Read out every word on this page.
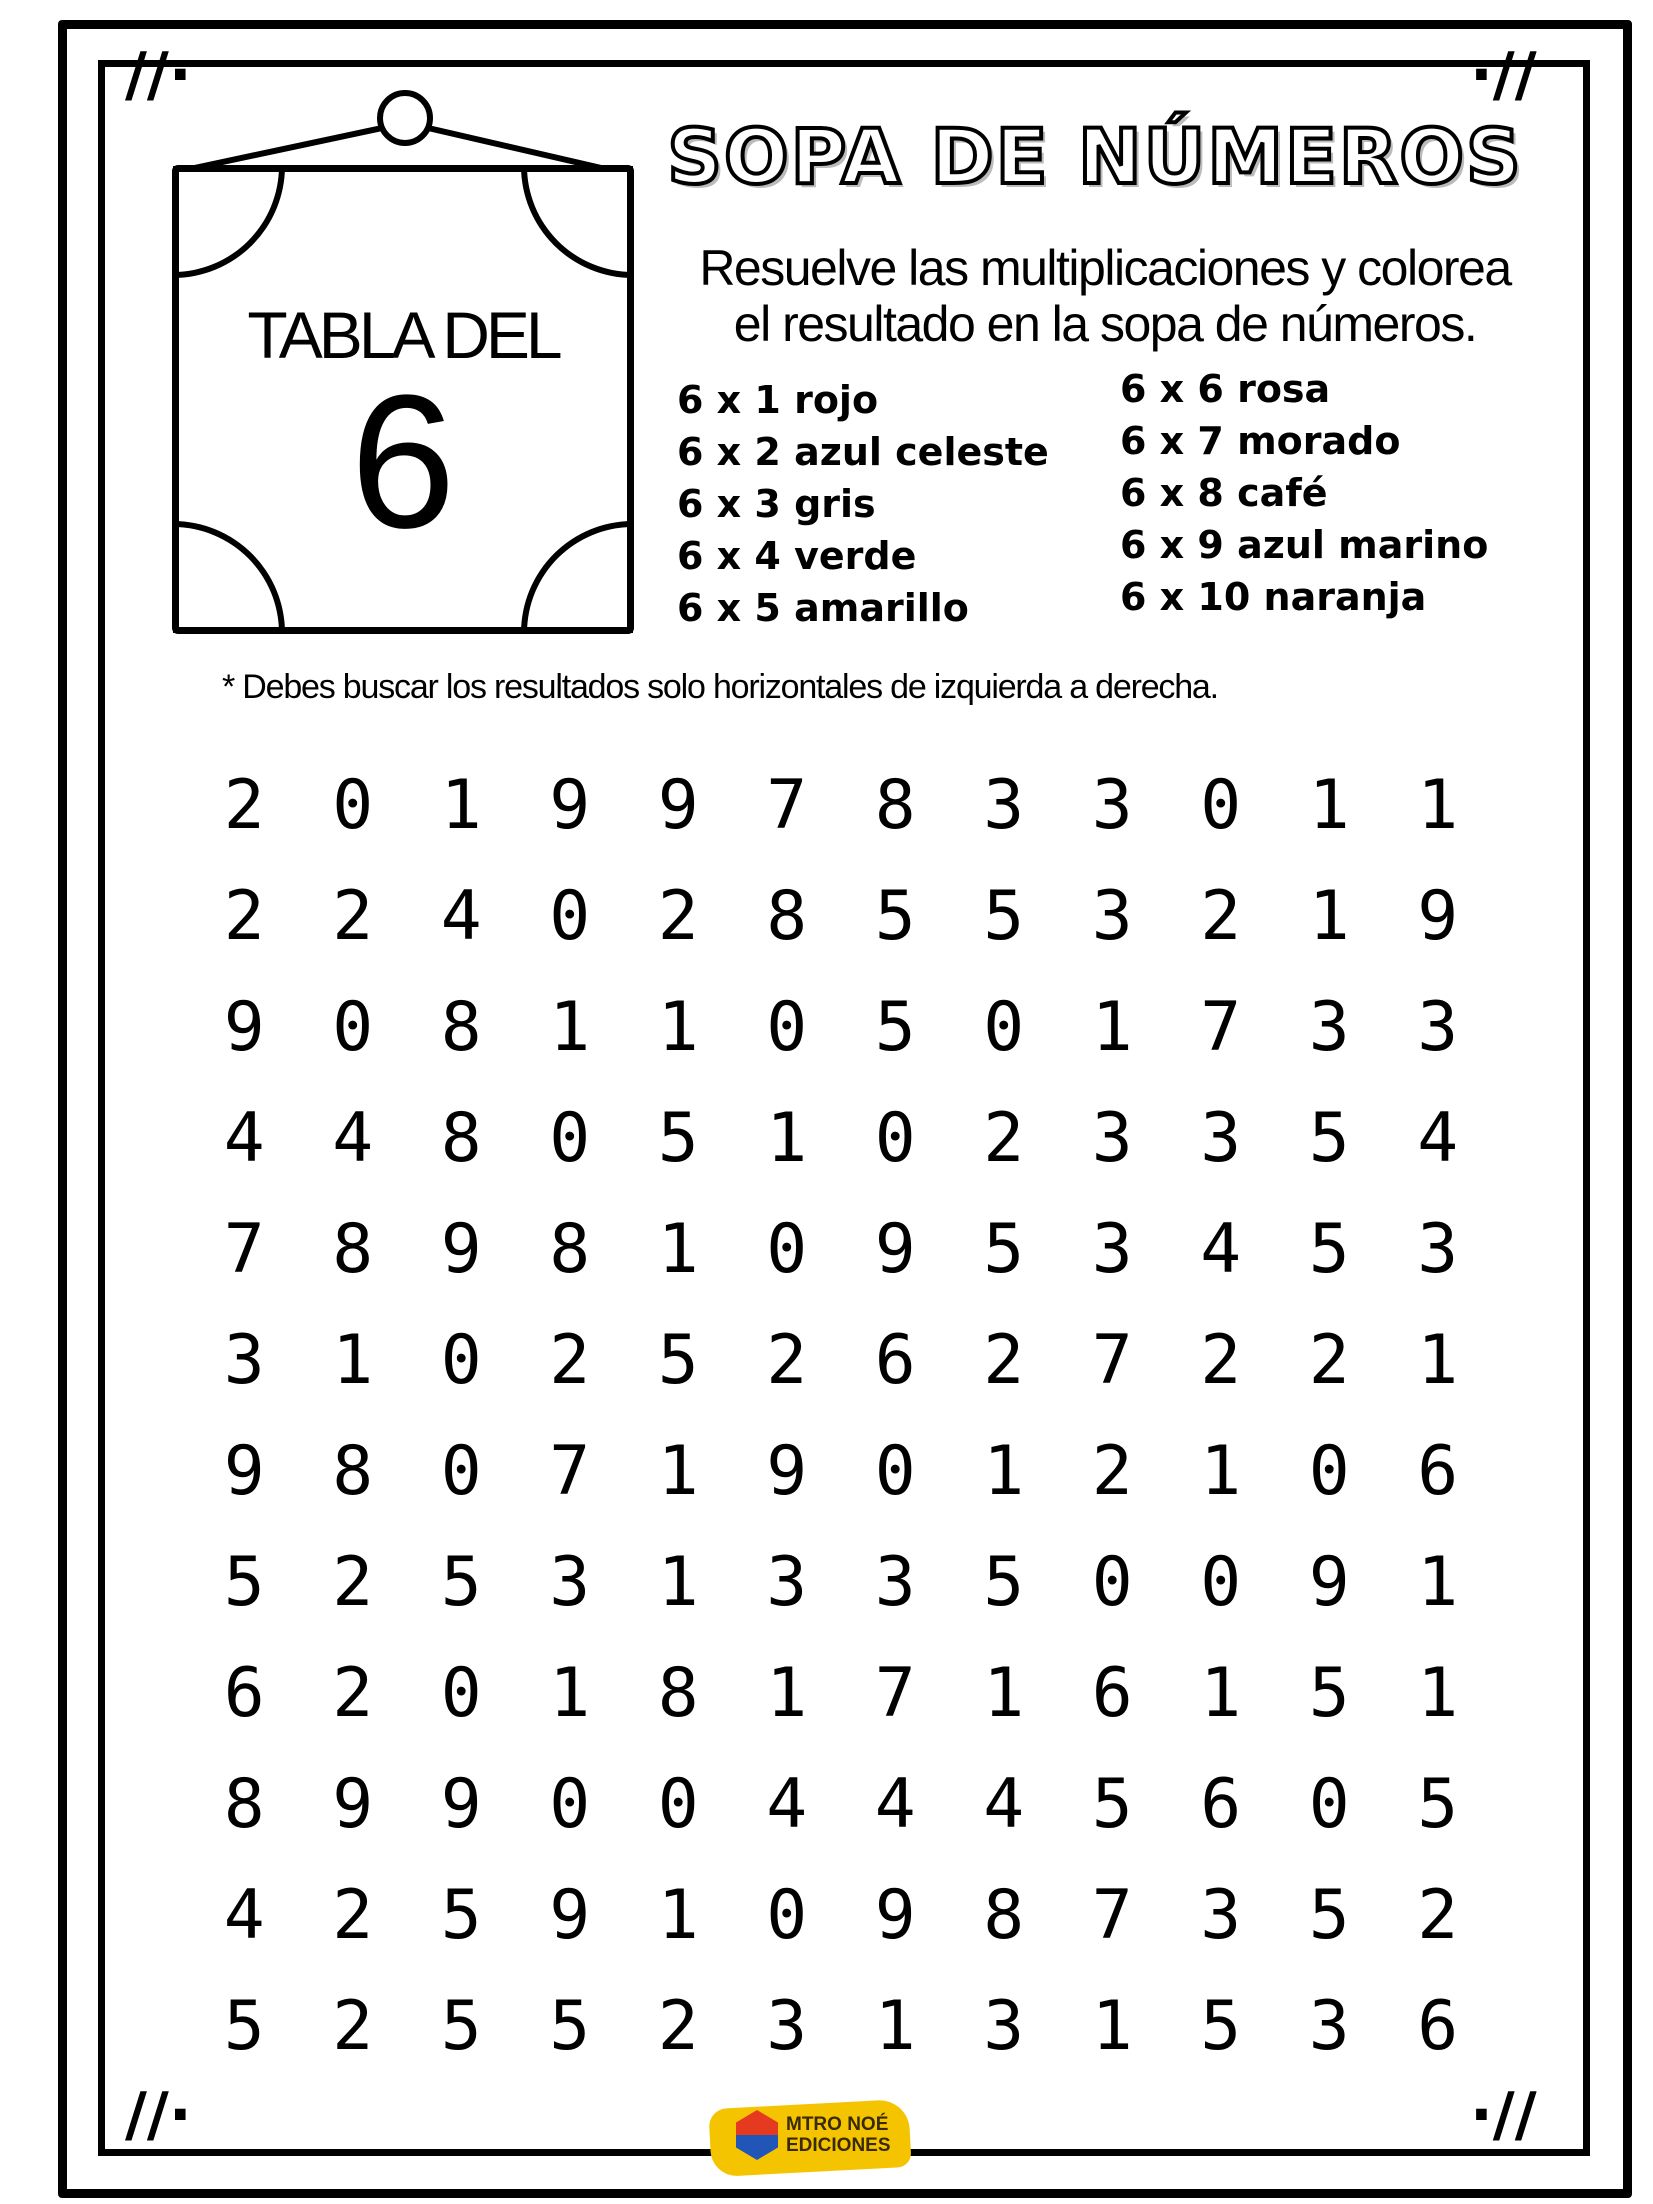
//·	·//
//·	·//
TABLA DEL
6
SOPA DE NÚMEROS
Resuelve las multiplicaciones y colorea
el resultado en la sopa de números.
6 x 1 rojo
6 x 2 azul celeste
6 x 3 gris
6 x 4 verde
6 x 5 amarillo
6 x 6 rosa
6 x 7 morado
6 x 8 café
6 x 9 azul marino
6 x 10 naranja
* Debes buscar los resultados solo horizontales de izquierda a derecha.
2 0 1 9 9 7 8 3 3 0 1 1
2 2 4 0 2 8 5 5 3 2 1 9
9 0 8 1 1 0 5 0 1 7 3 3
4 4 8 0 5 1 0 2 3 3 5 4
7 8 9 8 1 0 9 5 3 4 5 3
3 1 0 2 5 2 6 2 7 2 2 1
9 8 0 7 1 9 0 1 2 1 0 6
5 2 5 3 1 3 3 5 0 0 9 1
6 2 0 1 8 1 7 1 6 1 5 1
8 9 9 0 0 4 4 4 5 6 0 5
4 2 5 9 1 0 9 8 7 3 5 2
5 2 5 5 2 3 1 3 1 5 3 6
MTRO NOÉ
EDICIONES
